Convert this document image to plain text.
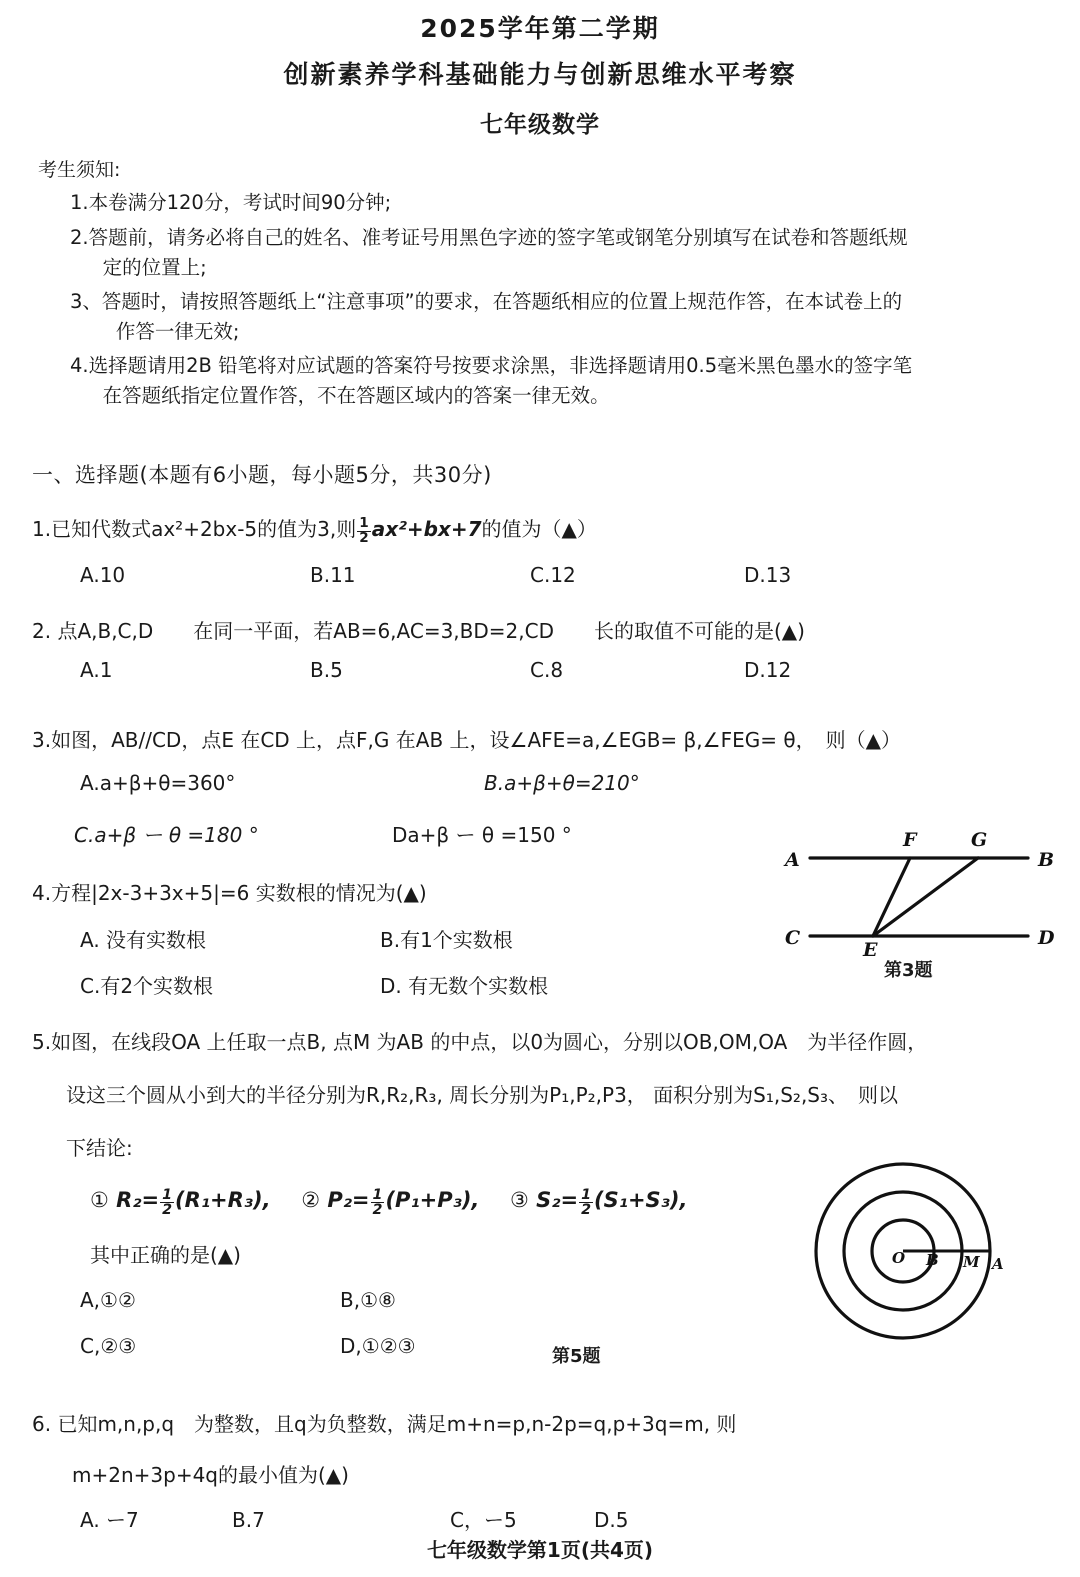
2025学年第二学期
创新素养学科基础能力与创新思维水平考察
七年级数学
考生须知:
1. 本卷满分120分，考试时间90分钟;
2. 答题前，请务必将自己的姓名、准考证号用黑色字迹的签字笔或钢笔分别填写在试卷和答题纸规
定的位置上;
3、 答题时，请按照答题纸上“注意事项”的要求，在答题纸相应的位置上规范作答，在本试卷上的
作答一律无效;
4. 选择题请用2B 铅笔将对应试题的答案符号按要求涂黑，非选择题请用0.5毫米黑色墨水的签字笔
在答题纸指定位置作答，不在答题区域内的答案一律无效。
一、选择题(本题有6小题，每小题5分，共30分)
1.已知代数式ax²+2bx-5的值为3,则 $\frac{1}{2} ax^2+bx+7$的值为（▲）
A.10	B.11	C.12	D.13
2. 点A,B,C,D　　在同一平面，若AB=6,AC=3,BD=2,CD　　长的取值不可能的是(▲)
A.1	B.5	C.8	D.12
3.如图，AB//CD，点E 在CD 上，点F,G 在AB 上，设∠AFE=a,∠EGB= β,∠FEG= θ，　则（▲）
A.a+β+θ=360°	B.a+β+θ=210°
C.a+β ー θ =180 °	Da+β ー θ =150 °
A	B
C	D
E
F	G
第3题
4.方程|2x-3+3x+5|=6 实数根的情况为(▲)
A. 没有实数根	B.有1个实数根
C.有2个实数根	D. 有无数个实数根
5.如图，在线段OA 上任取一点B, 点M 为AB 的中点，以0为圆心，分别以OB,OM,OA　为半径作圆，
设这三个圆从小到大的半径分别为R,R₂,R₃, 周长分别为P₁,P₂,P3， 面积分别为S₁,S₂,S₃、　则以
下结论:
① $R_2= \frac{1}{2} (R_1+R_3)$, ② $P_2= \frac{1}{2} (P_1+P_3)$, ③ $S_2= \frac{1}{2} (S_1+S_3)$,
其中正确的是(▲)
A,①②	B,①⑧
C,②③	D,①②③
O B M A
第5题
6. 已知m,n,p,q　为整数，且q为负整数，满足m+n=p,n-2p=q,p+3q=m, 则
m+2n+3p+4q的最小值为(▲)
A. ー7	B.7	C，ー5	D.5
七年级数学第1页(共4页)
